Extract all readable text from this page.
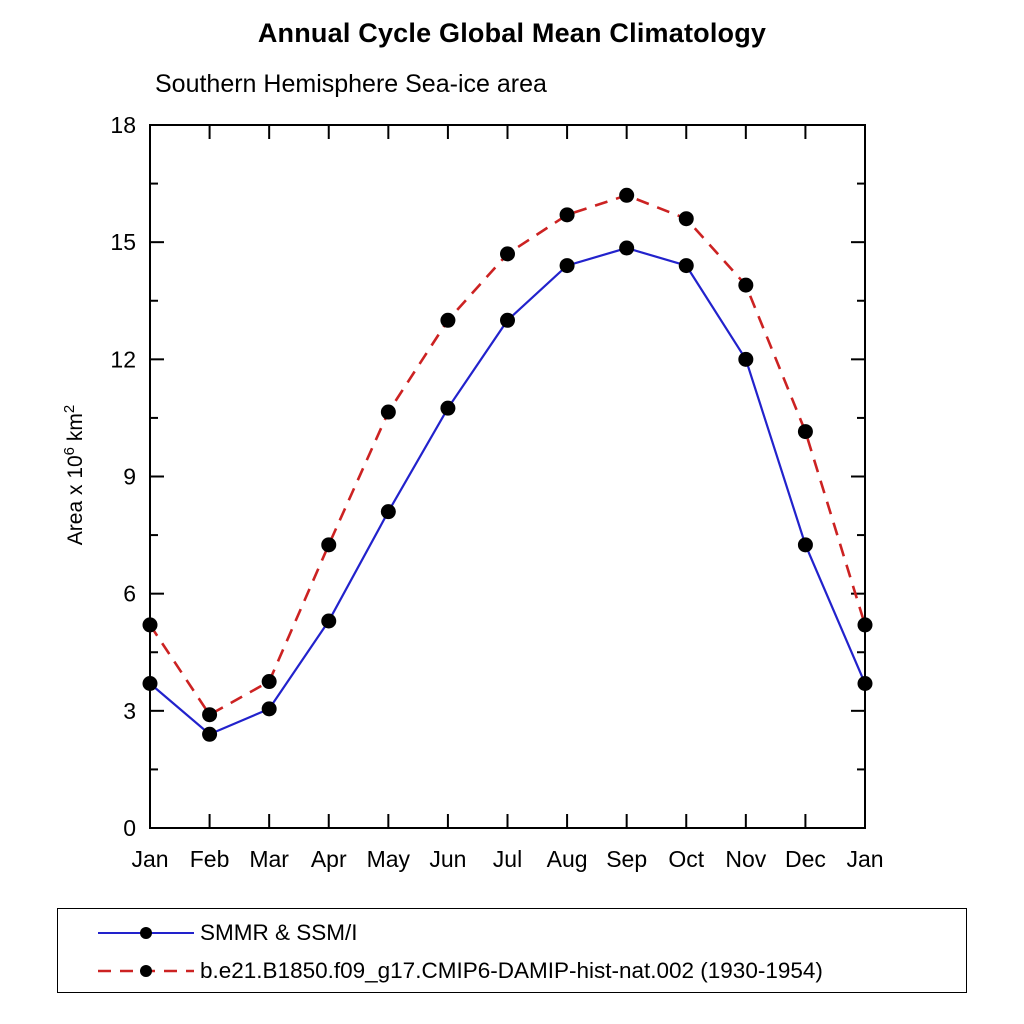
Annual Cycle Global Mean Climatology
Southern Hemisphere Sea-ice area
0
3
6
9
12
15
18
Jan Feb Mar Apr May Jun Jul Aug Sep Oct Nov Dec Jan
Area x $10^6$ $km^2$
SMMR & SSM/I
b.e21.B1850.f09_g17.CMIP6-DAMIP-hist-nat.002 (1930-1954)
